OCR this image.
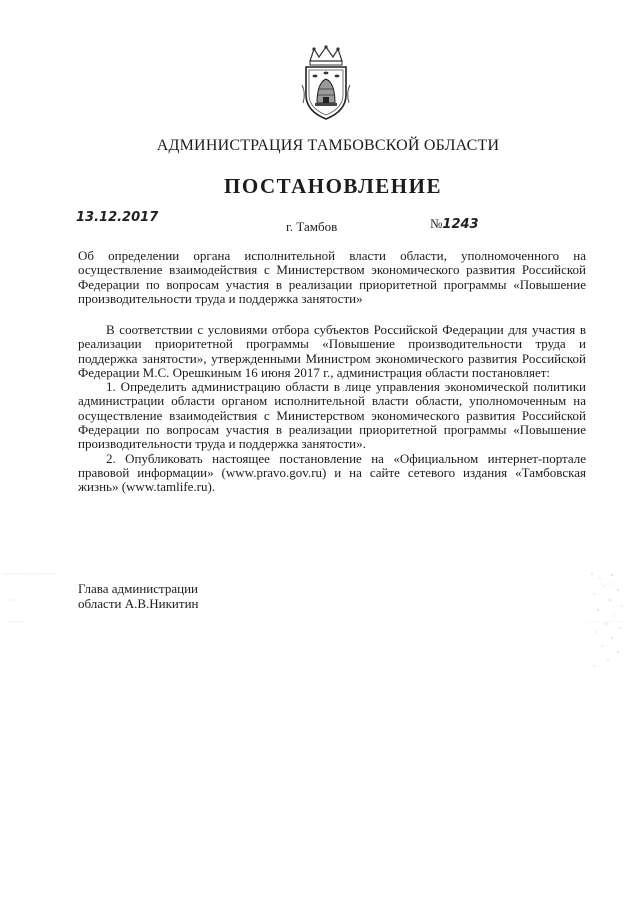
АДМИНИСТРАЦИЯ ТАМБОВСКОЙ ОБЛАСТИ
ПОСТАНОВЛЕНИЕ
13.12.2017
г. Тамбов	№1243
Об определении органа исполнительной власти области, уполномоченного на осуществление взаимодействия с Министерством экономического развития Российской Федерации по вопросам участия в реализации приоритетной программы «Повышение производительности труда и поддержка занятости»

В соответствии с условиями отбора субъектов Российской Федерации для участия в реализации приоритетной программы «Повышение производительности труда и поддержка занятости», утвержденными Министром экономического развития Российской Федерации М.С. Орешкиным 16 июня 2017 г., администрация области постановляет:

1. Определить администрацию области в лице управления экономической политики администрации области органом исполнительной власти области, уполномоченным на осуществление взаимодействия с Министерством экономического развития Российской Федерации по вопросам участия в реализации приоритетной программы «Повышение производительности труда и поддержка занятости».

2. Опубликовать настоящее постановление на «Официальном интернет-портале правовой информации» (www.pravo.gov.ru) и на сайте сетевого издания «Тамбовская жизнь» (www.tamlife.ru).

Глава администрации
области А.В.Никитин
